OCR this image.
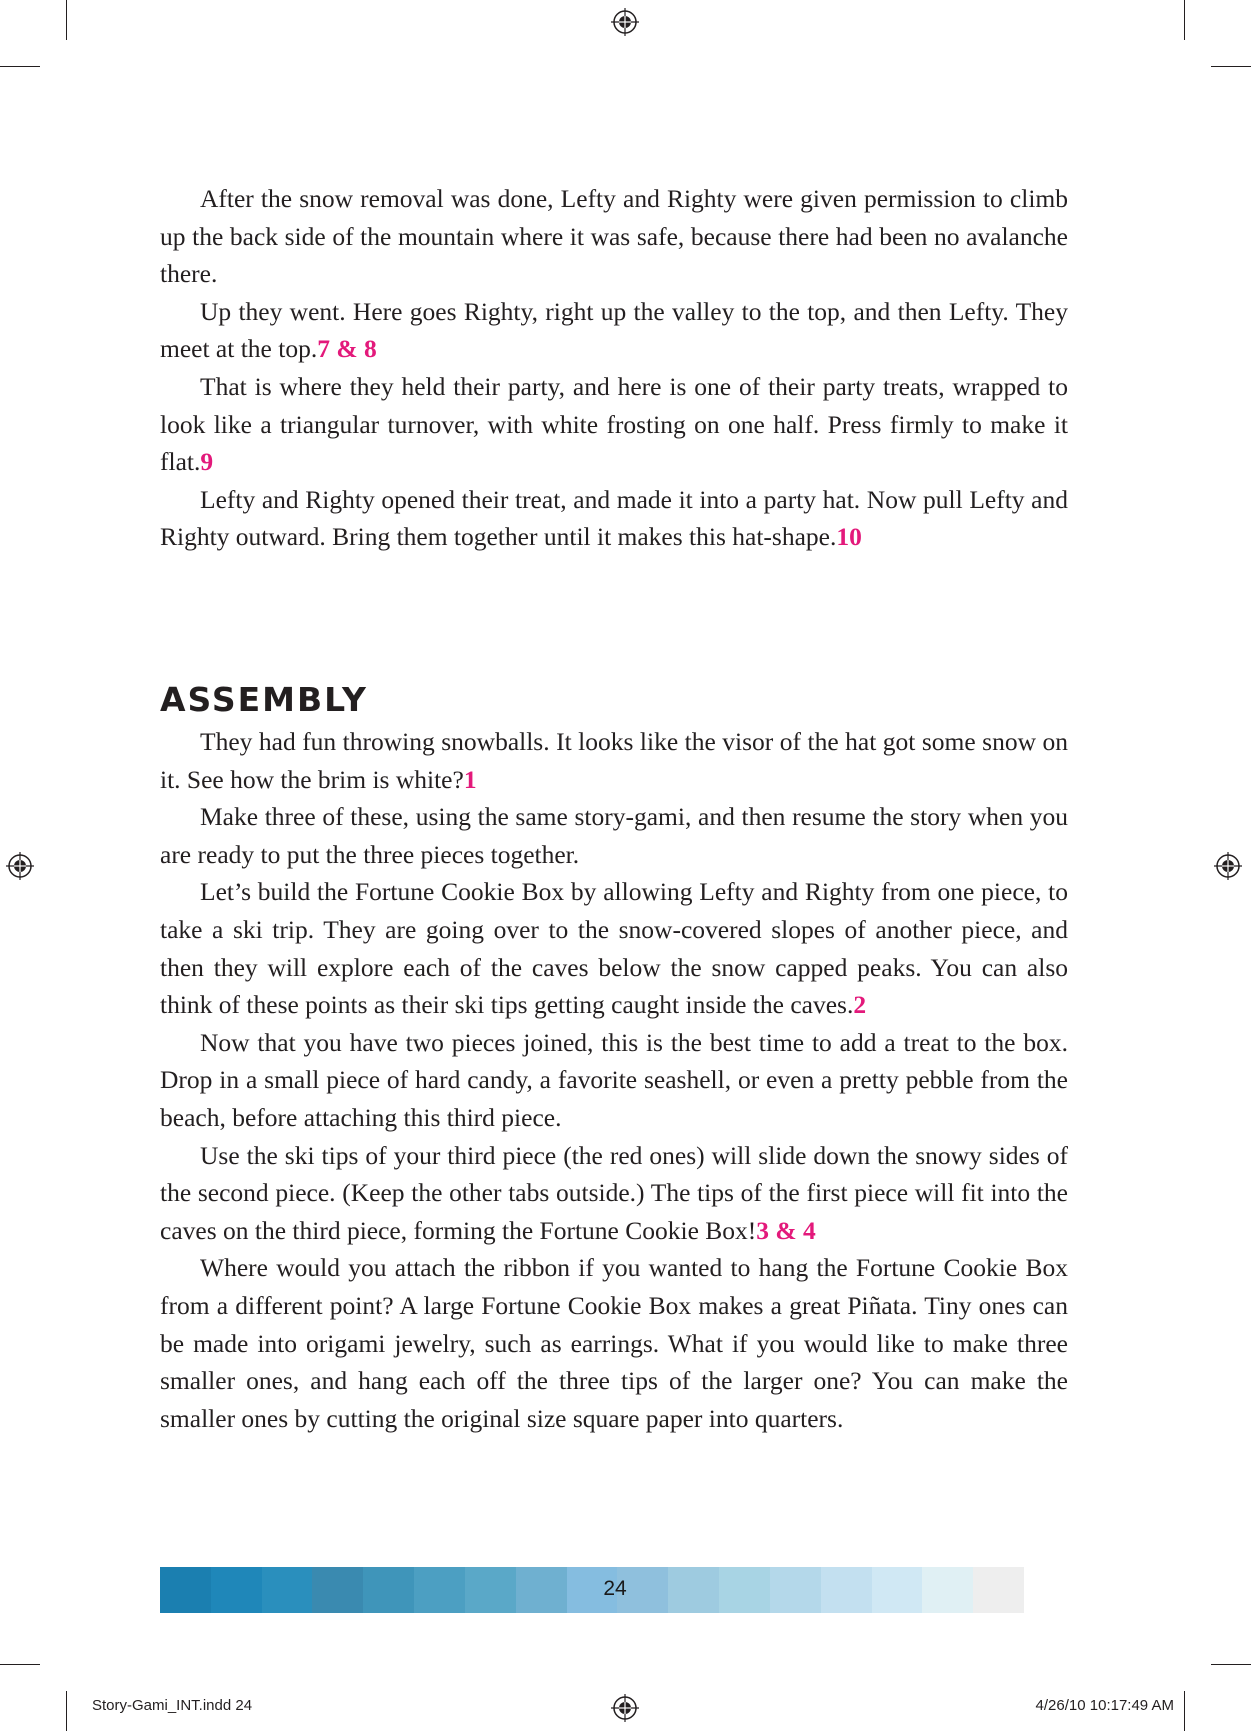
After the snow removal was done, Lefty and Righty were given permission to climb up the back side of the mountain where it was safe, because there had been no avalanche there.

Up they went. Here goes Righty, right up the valley to the top, and then Lefty. They meet at the top.7 & 8

That is where they held their party, and here is one of their party treats, wrapped to look like a triangular turnover, with white frosting on one half. Press firmly to make it flat.9

Lefty and Righty opened their treat, and made it into a party hat. Now pull Lefty and Righty outward. Bring them together until it makes this hat-shape.10

ASSEMBLY

They had fun throwing snowballs. It looks like the visor of the hat got some snow on it. See how the brim is white?1

Make three of these, using the same story-gami, and then resume the story when you are ready to put the three pieces together.

Let’s build the Fortune Cookie Box by allowing Lefty and Righty from one piece, to take a ski trip. They are going over to the snow-covered slopes of another piece, and then they will explore each of the caves below the snow capped peaks. You can also think of these points as their ski tips getting caught inside the caves.2

Now that you have two pieces joined, this is the best time to add a treat to the box. Drop in a small piece of hard candy, a favorite seashell, or even a pretty pebble from the beach, before attaching this third piece.

Use the ski tips of your third piece (the red ones) will slide down the snowy sides of the second piece. (Keep the other tabs outside.) The tips of the first piece will fit into the caves on the third piece, forming the Fortune Cookie Box!3 & 4

Where would you attach the ribbon if you wanted to hang the Fortune Cookie Box from a different point? A large Fortune Cookie Box makes a great Piñata. Tiny ones can be made into origami jewelry, such as earrings. What if you would like to make three smaller ones, and hang each off the three tips of the larger one? You can make the smaller ones by cutting the original size square paper into quarters.

24
Story-Gami_INT.indd 24	4/26/10 10:17:49 AM
